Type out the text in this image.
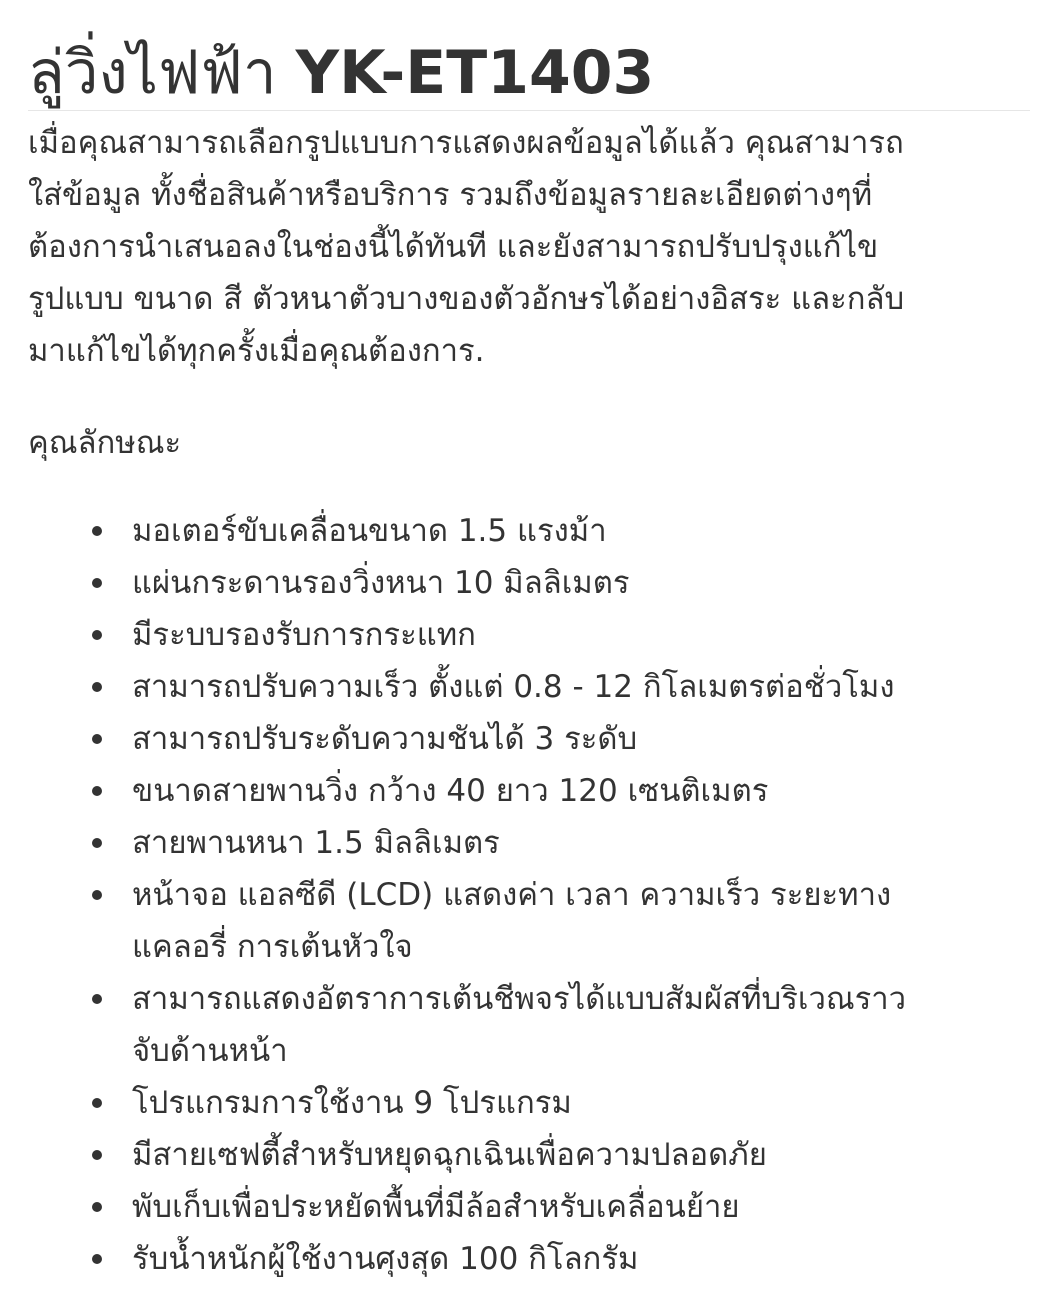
ลู่วิ่งไฟฟ้า YK-ET1403
เมื่อคุณสามารถเลือกรูปแบบการแสดงผลข้อมูลได้แล้ว คุณสามารถ
ใส่ข้อมูล ทั้งชื่อสินค้าหรือบริการ รวมถึงข้อมูลรายละเอียดต่างๆที่
ต้องการนำเสนอลงในช่องนี้ได้ทันที และยังสามารถปรับปรุงแก้ไข
รูปแบบ ขนาด สี ตัวหนาตัวบางของตัวอักษรได้อย่างอิสระ และกลับ
มาแก้ไขได้ทุกครั้งเมื่อคุณต้องการ.
คุณลักษณะ
มอเตอร์ขับเคลื่อนขนาด 1.5 แรงม้า
แผ่นกระดานรองวิ่งหนา 10 มิลลิเมตร
มีระบบรองรับการกระแทก
สามารถปรับความเร็ว ตั้งแต่ 0.8 - 12 กิโลเมตรต่อชั่วโมง
สามารถปรับระดับความชันได้ 3 ระดับ
ขนาดสายพานวิ่ง กว้าง 40 ยาว 120 เซนติเมตร
สายพานหนา 1.5 มิลลิเมตร
หน้าจอ แอลซีดี (LCD) แสดงค่า เวลา ความเร็ว ระยะทาง
แคลอรี่ การเต้นหัวใจ
สามารถแสดงอัตราการเต้นชีพจรได้แบบสัมผัสที่บริเวณราว
จับด้านหน้า
โปรแกรมการใช้งาน 9 โปรแกรม
มีสายเซฟตี้สำหรับหยุดฉุกเฉินเพื่อความปลอดภัย
พับเก็บเพื่อประหยัดพื้นที่มีล้อสำหรับเคลื่อนย้าย
รับน้ำหนักผู้ใช้งานศุงสุด 100 กิโลกรัม
